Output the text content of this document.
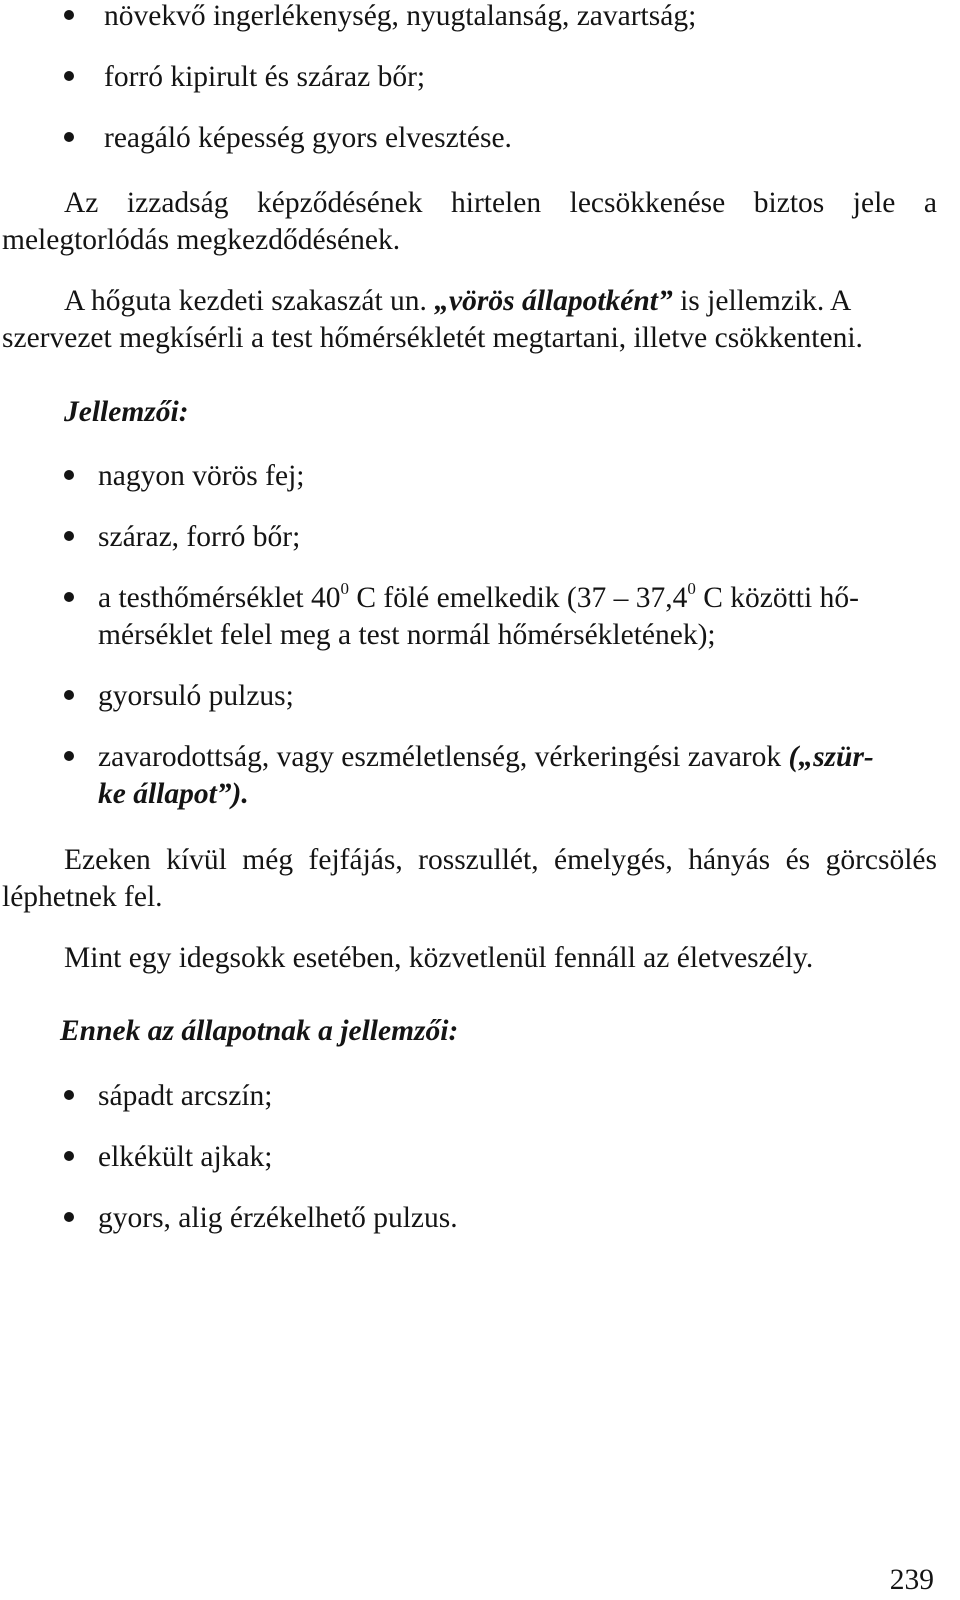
növekvő ingerlékenység, nyugtalanság, zavartság;
forró kipirult és száraz bőr;
reagáló képesség gyors elvesztése.
Az izzadság képződésének hirtelen lecsökkenése biztos jele a
melegtorlódás megkezdődésének.
A hőguta kezdeti szakaszát un. „vörös állapotként” is jellemzik. A
szervezet megkísérli a test hőmérsékletét megtartani, illetve csökkenteni.
Jellemzői:
nagyon vörös fej;
száraz, forró bőr;
a testhőmérséklet $40^0$ C fölé emelkedik (37 – 37,4$^0$ C közötti hő-
mérséklet felel meg a test normál hőmérsékletének);
gyorsuló pulzus;
zavarodottság, vagy eszméletlenség, vérkeringési zavarok („szür-
ke állapot”).
Ezeken kívül még fejfájás, rosszullét, émelygés, hányás és görcsölés
léphetnek fel.
Mint egy idegsokk esetében, közvetlenül fennáll az életveszély.
Ennek az állapotnak a jellemzői:
sápadt arcszín;
elkékült ajkak;
gyors, alig érzékelhető pulzus.
239
